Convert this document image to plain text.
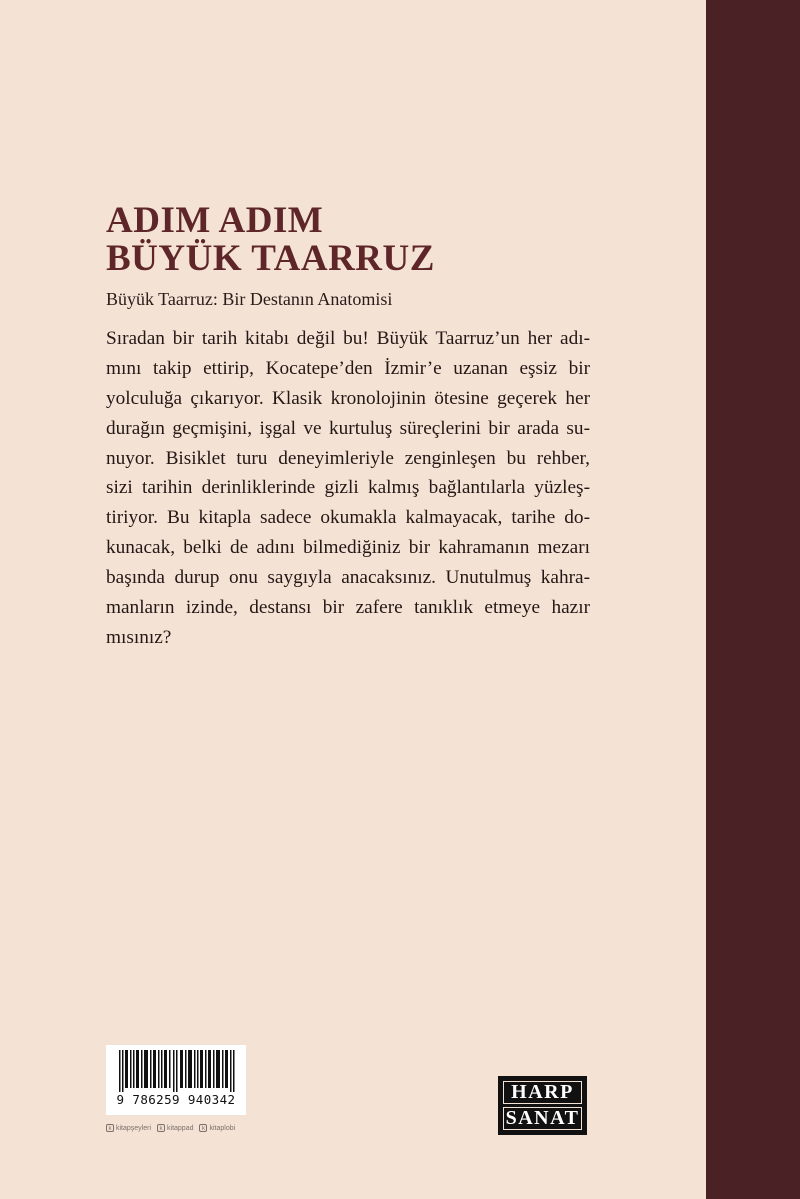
ADIM ADIM
BÜYÜK TAARRUZ
Büyük Taarruz: Bir Destanın Anatomisi
Sıradan bir tarih kitabı değil bu! Büyük Taarruz’un her adı-
mını takip ettirip, Kocatepe’den İzmir’e uzanan eşsiz bir
yolculuğa çıkarıyor. Klasik kronolojinin ötesine geçerek her
durağın geçmişini, işgal ve kurtuluş süreçlerini bir arada su-
nuyor. Bisiklet turu deneyimleriyle zenginleşen bu rehber,
sizi tarihin derinliklerinde gizli kalmış bağlantılarla yüzleş-
tiriyor. Bu kitapla sadece okumakla kalmayacak, tarihe do-
kunacak, belki de adını bilmediğiniz bir kahramanın mezarı
başında durup onu saygıyla anacaksınız. Unutulmuş kahra-
manların izinde, destansı bir zafere tanıklık etmeye hazır
mısınız?
9 786259 940342
k kitapşeyleri	k kitappad	k kitaplobi
HARP
SANAT
